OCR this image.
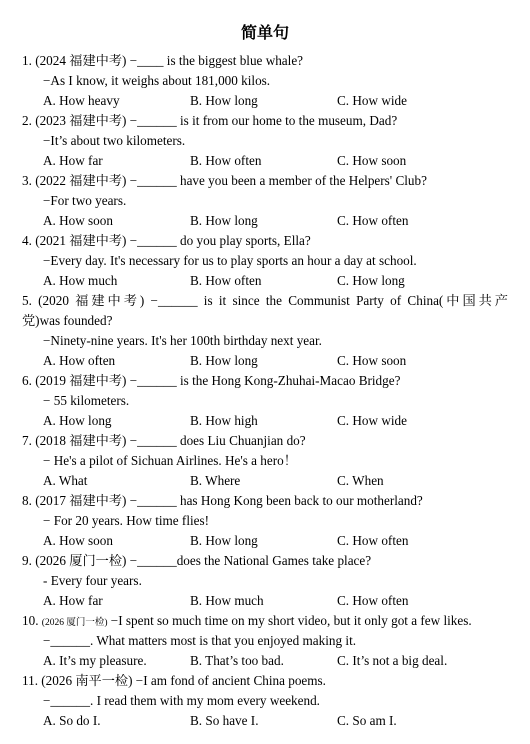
简单句
1. (2024 福建中考) −____ is the biggest blue whale?
−As I know, it weighs about 181,000 kilos.
A. How heavy	B. How long	C. How wide
2. (2023 福建中考) −______ is it from our home to the museum, Dad?
−It’s about two kilometers.
A. How far	B. How often	C. How soon
3. (2022 福建中考) −______ have you been a member of the Helpers' Club?
−For two years.
A. How soon	B. How long	C. How often
4. (2021 福建中考) −______ do you play sports, Ella?
−Every day. It's necessary for us to play sports an hour a day at school.
A. How much	B. How often	C. How long
5. (2020 福建中考) −______ is it since the Communist Party of China(中国共产
党)was founded?
−Ninety-nine years. It's her 100th birthday next year.
A. How often	B. How long	C. How soon
6. (2019 福建中考) −______ is the Hong Kong-Zhuhai-Macao Bridge?
− 55 kilometers.
A. How long	B. How high	C. How wide
7. (2018 福建中考) −______ does Liu Chuanjian do?
− He's a pilot of Sichuan Airlines. He's a hero！
A. What	B. Where	C. When
8. (2017 福建中考) −______ has Hong Kong been back to our motherland?
− For 20 years. How time flies!
A. How soon	B. How long	C. How often
9. (2026 厦门一检) −______does the National Games take place?
- Every four years.
A. How far	B. How much	C. How often
10. (2026 厦门一检) −I spent so much time on my short video, but it only got a few likes.
−______. What matters most is that you enjoyed making it.
A. It’s my pleasure.	B. That’s too bad.	C. It’s not a big deal.
11. (2026 南平一检) −I am fond of ancient China poems.
−______. I read them with my mom every weekend.
A. So do I.	B. So have I.	C. So am I.
